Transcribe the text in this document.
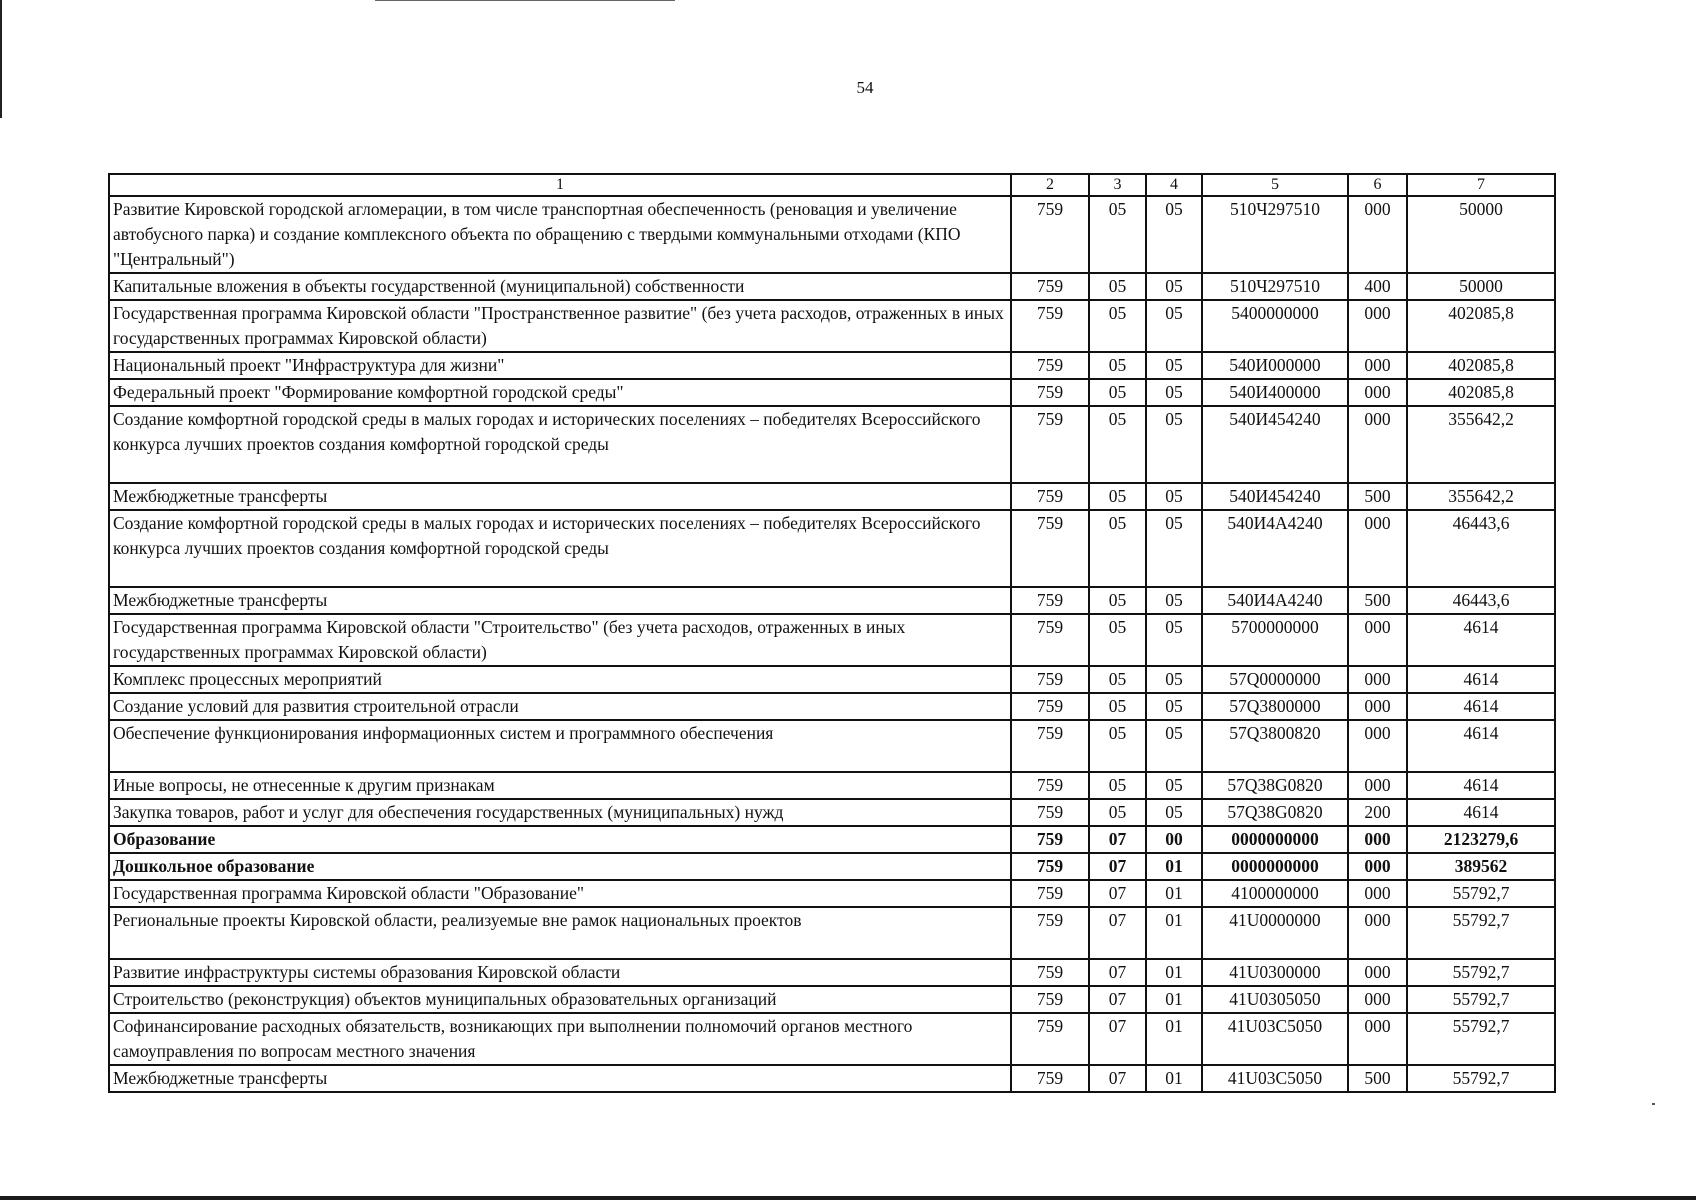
54
1	2	3	4	5	6	7
Развитие Кировской городской агломерации, в том числе транспортная обеспеченность (реновация и увеличение автобусного парка) и создание комплексного объекта по обращению с твердыми коммунальными отходами (КПО "Центральный")	759	05	05	510Ч297510	000	50000
Капитальные вложения в объекты государственной (муниципальной) собственности	759	05	05	510Ч297510	400	50000
Государственная программа Кировской области "Пространственное развитие" (без учета расходов, отраженных в иных государственных программах Кировской области)	759	05	05	5400000000	000	402085,8
Национальный проект "Инфраструктура для жизни"	759	05	05	540И000000	000	402085,8
Федеральный проект "Формирование комфортной городской среды"	759	05	05	540И400000	000	402085,8
Создание комфортной городской среды в малых городах и исторических поселениях – победителях Всероссийского конкурса лучших проектов создания комфортной городской среды	759	05	05	540И454240	000	355642,2
Межбюджетные трансферты	759	05	05	540И454240	500	355642,2
Создание комфортной городской среды в малых городах и исторических поселениях – победителях Всероссийского конкурса лучших проектов создания комфортной городской среды	759	05	05	540И4А4240	000	46443,6
Межбюджетные трансферты	759	05	05	540И4А4240	500	46443,6
Государственная программа Кировской области "Строительство" (без учета расходов, отраженных в иных государственных программах Кировской области)	759	05	05	5700000000	000	4614
Комплекс процессных мероприятий	759	05	05	57Q0000000	000	4614
Создание условий для развития строительной отрасли	759	05	05	57Q3800000	000	4614
Обеспечение функционирования информационных систем и программного обеспечения	759	05	05	57Q3800820	000	4614
Иные вопросы, не отнесенные к другим признакам	759	05	05	57Q38G0820	000	4614
Закупка товаров, работ и услуг для обеспечения государственных (муниципальных) нужд	759	05	05	57Q38G0820	200	4614
Образование	759	07	00	0000000000	000	2123279,6
Дошкольное образование	759	07	01	0000000000	000	389562
Государственная программа Кировской области "Образование"	759	07	01	4100000000	000	55792,7
Региональные проекты Кировской области, реализуемые вне рамок национальных проектов	759	07	01	41U0000000	000	55792,7
Развитие инфраструктуры системы образования Кировской области	759	07	01	41U0300000	000	55792,7
Строительство (реконструкция) объектов муниципальных образовательных организаций	759	07	01	41U0305050	000	55792,7
Софинансирование расходных обязательств, возникающих при выполнении полномочий органов местного самоуправления по вопросам местного значения	759	07	01	41U03C5050	000	55792,7
Межбюджетные трансферты	759	07	01	41U03C5050	500	55792,7
